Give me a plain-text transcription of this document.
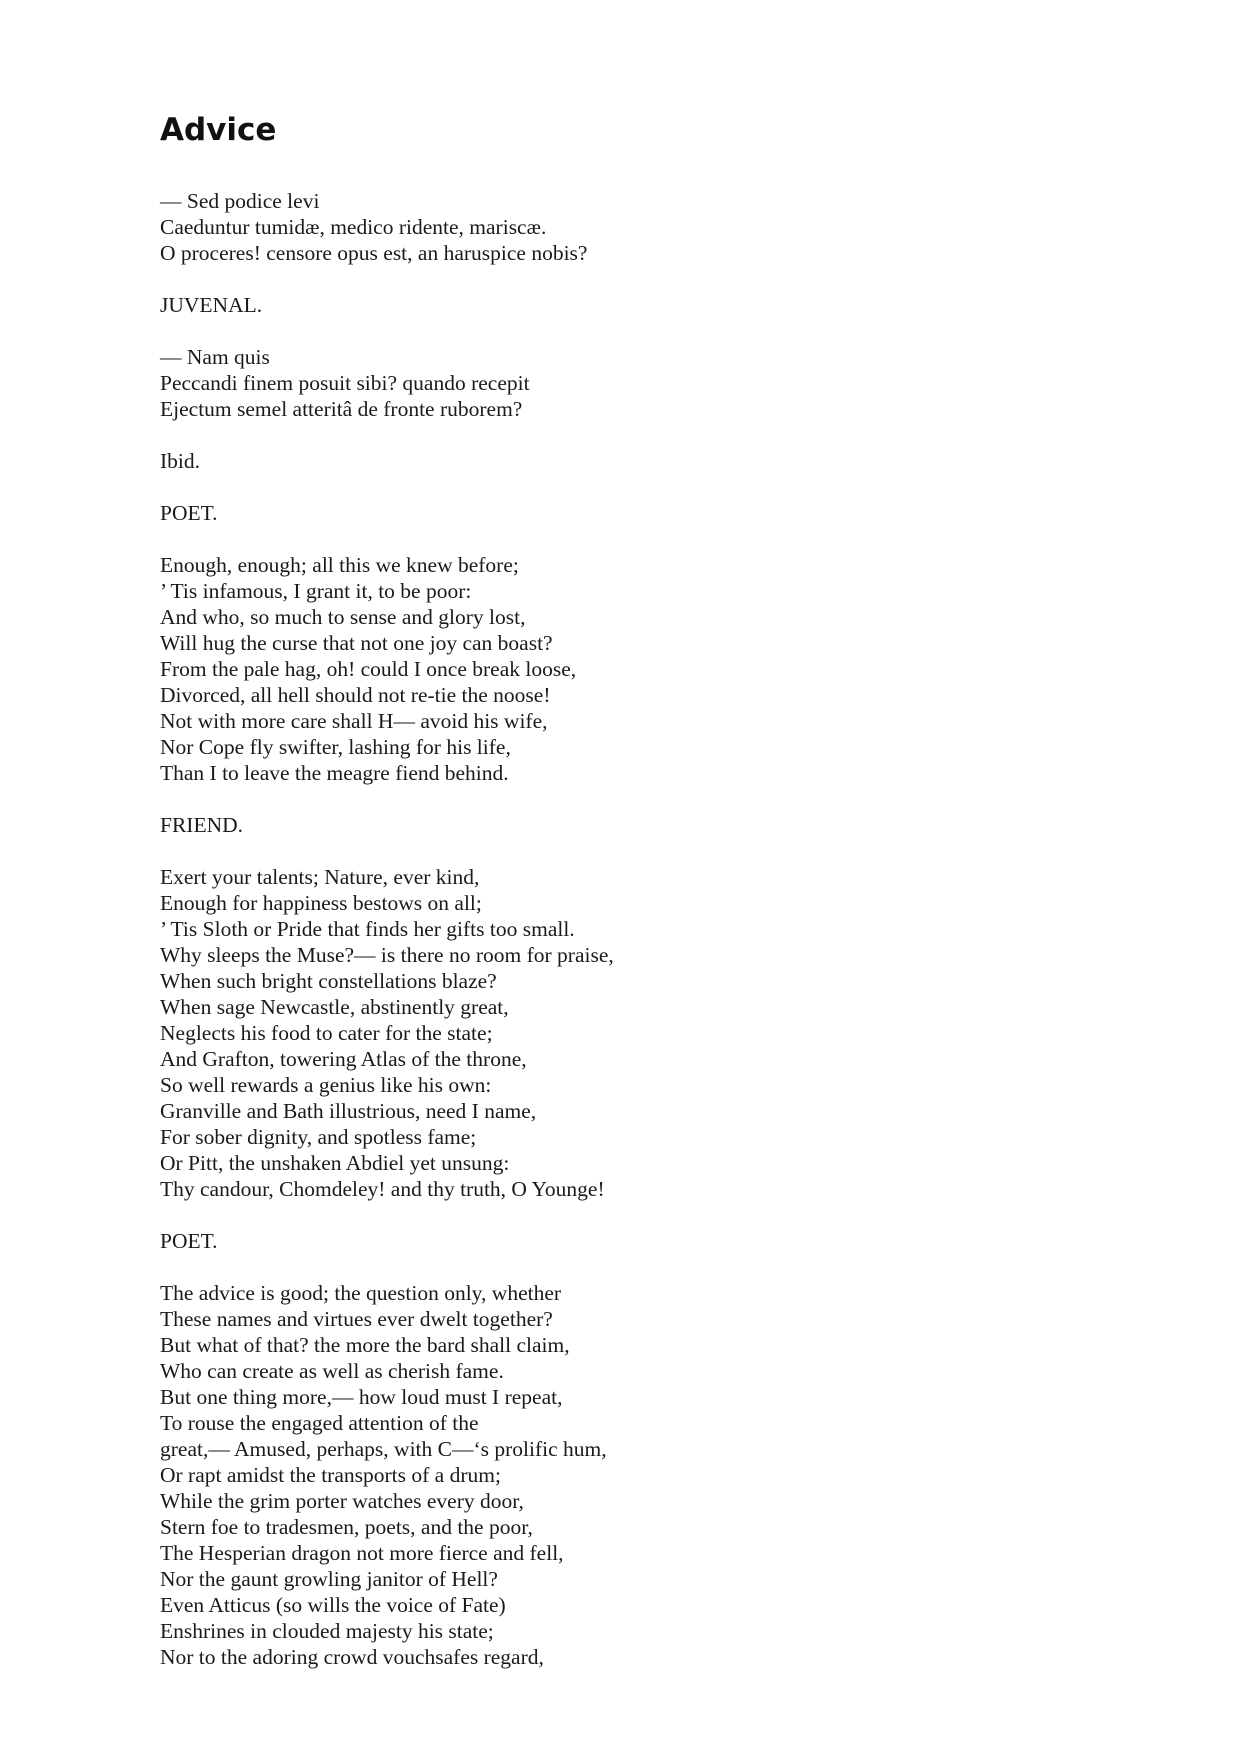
Advice
— Sed podice levi
Caeduntur tumidæ, medico ridente, mariscæ.
O proceres! censore opus est, an haruspice nobis?
JUVENAL.
— Nam quis
Peccandi finem posuit sibi? quando recepit
Ejectum semel atteritâ de fronte ruborem?
Ibid.
POET.
Enough, enough; all this we knew before;
’ Tis infamous, I grant it, to be poor:
And who, so much to sense and glory lost,
Will hug the curse that not one joy can boast?
From the pale hag, oh! could I once break loose,
Divorced, all hell should not re-tie the noose!
Not with more care shall H— avoid his wife,
Nor Cope fly swifter, lashing for his life,
Than I to leave the meagre fiend behind.
FRIEND.
Exert your talents; Nature, ever kind,
Enough for happiness bestows on all;
’ Tis Sloth or Pride that finds her gifts too small.
Why sleeps the Muse?— is there no room for praise,
When such bright constellations blaze?
When sage Newcastle, abstinently great,
Neglects his food to cater for the state;
And Grafton, towering Atlas of the throne,
So well rewards a genius like his own:
Granville and Bath illustrious, need I name,
For sober dignity, and spotless fame;
Or Pitt, the unshaken Abdiel yet unsung:
Thy candour, Chomdeley! and thy truth, O Younge!
POET.
The advice is good; the question only, whether
These names and virtues ever dwelt together?
But what of that? the more the bard shall claim,
Who can create as well as cherish fame.
But one thing more,— how loud must I repeat,
To rouse the engaged attention of the
great,— Amused, perhaps, with C—‘s prolific hum,
Or rapt amidst the transports of a drum;
While the grim porter watches every door,
Stern foe to tradesmen, poets, and the poor,
The Hesperian dragon not more fierce and fell,
Nor the gaunt growling janitor of Hell?
Even Atticus (so wills the voice of Fate)
Enshrines in clouded majesty his state;
Nor to the adoring crowd vouchsafes regard,
